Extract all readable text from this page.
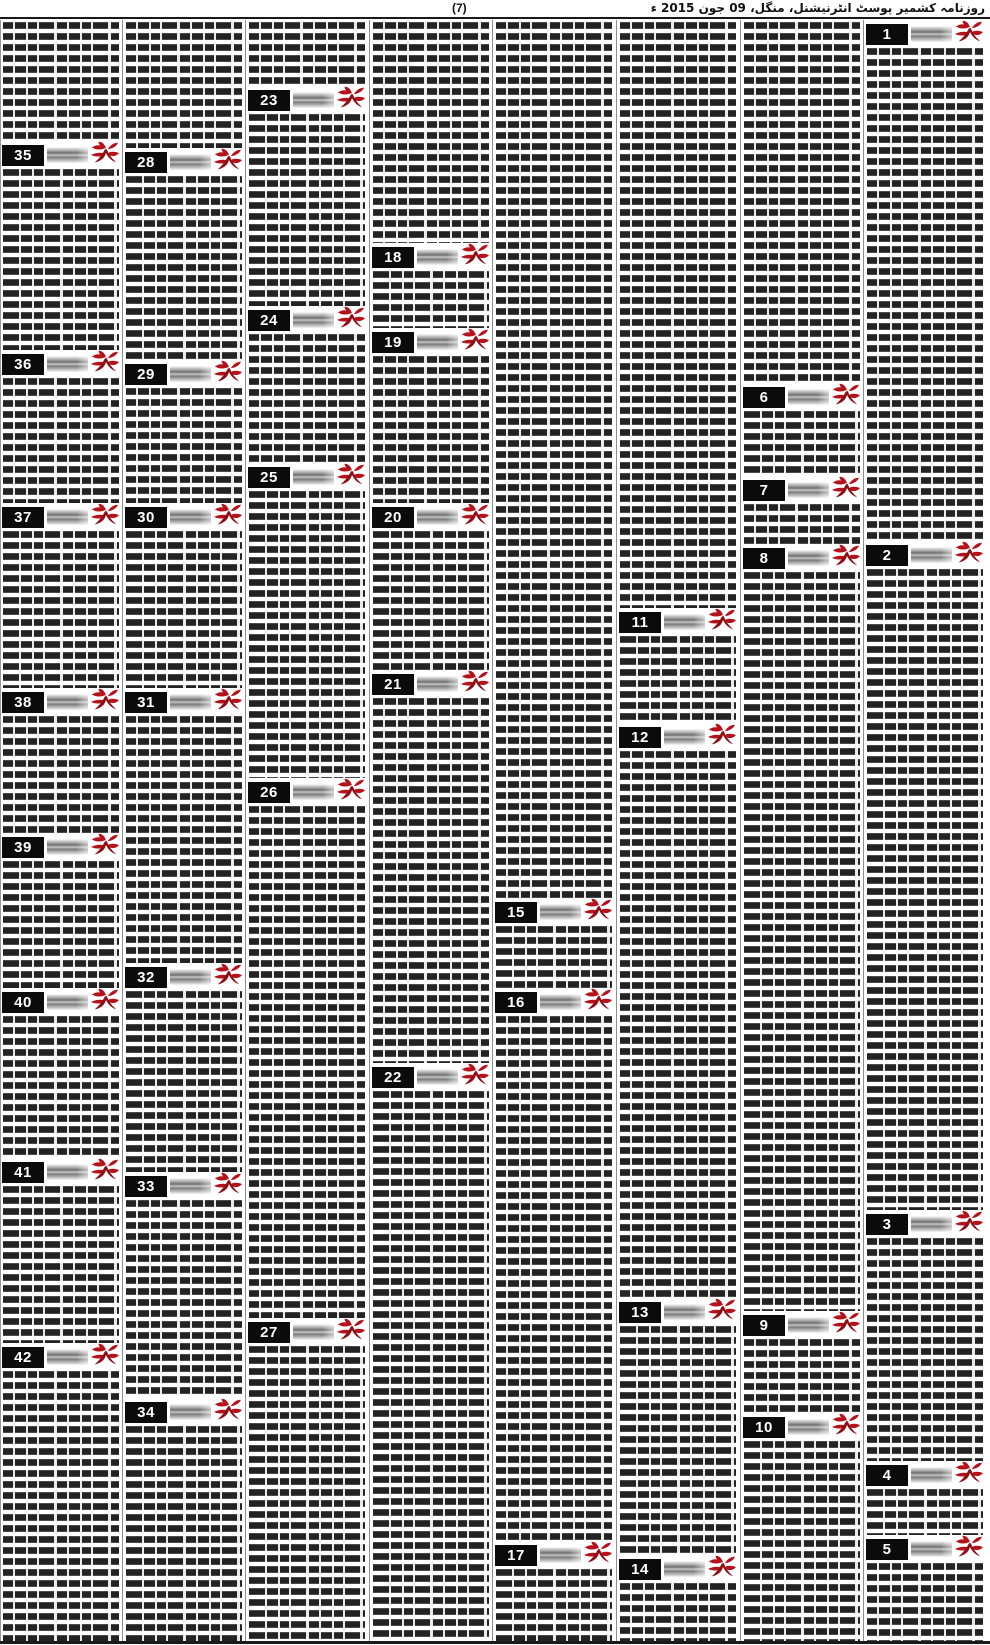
روزنامہ کشمیر پوسٹ انٹرنیشنل، منگل، 09 جون 2015 ء
(7)
1
2
3
4
5
6
7
8
9
10
11
12
13
14
15
16
17
18
19
20
21
22
23
24
25
26
27
28
29
30
31
32
33
34
35
36
37
38
39
40
41
42
